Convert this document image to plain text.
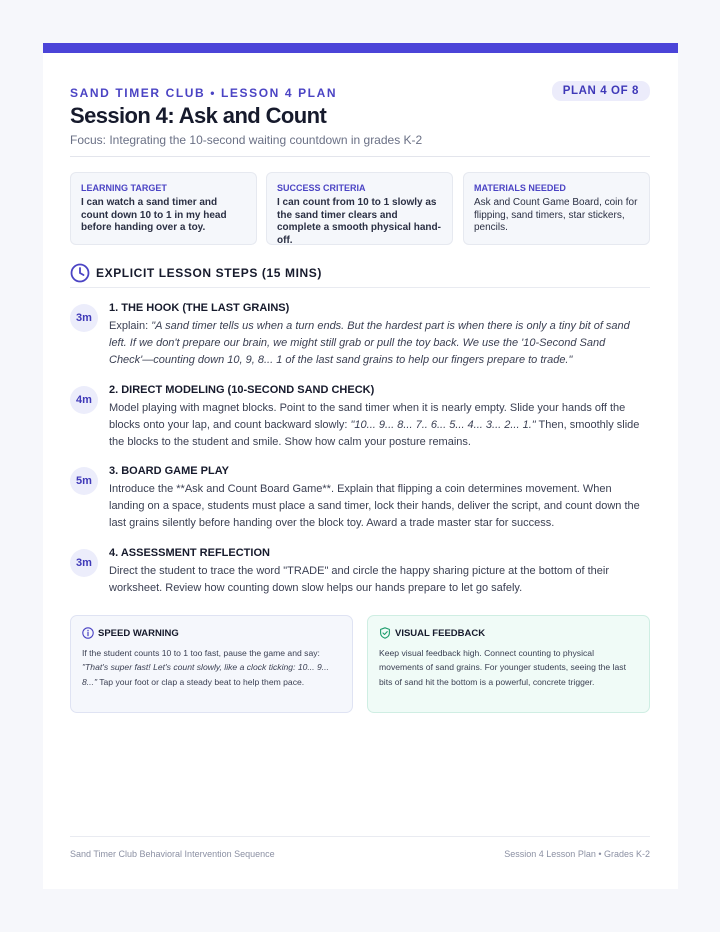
SAND TIMER CLUB • LESSON 4 PLAN	PLAN 4 OF 8
Session 4: Ask and Count
Focus: Integrating the 10-second waiting countdown in grades K-2
LEARNING TARGET
I can watch a sand timer and count down 10 to 1 in my head before handing over a toy.
SUCCESS CRITERIA
I can count from 10 to 1 slowly as the sand timer clears and complete a smooth physical hand-off.
MATERIALS NEEDED
Ask and Count Game Board, coin for flipping, sand timers, star stickers, pencils.
EXPLICIT LESSON STEPS (15 MINS)
3m
1. THE HOOK (THE LAST GRAINS)
Explain: "A sand timer tells us when a turn ends. But the hardest part is when there is only a tiny bit of sand left. If we don't prepare our brain, we might still grab or pull the toy back. We use the '10-Second Sand Check'—counting down 10, 9, 8... 1 of the last sand grains to help our fingers prepare to trade."
4m
2. DIRECT MODELING (10-SECOND SAND CHECK)
Model playing with magnet blocks. Point to the sand timer when it is nearly empty. Slide your hands off the blocks onto your lap, and count backward slowly: "10... 9... 8... 7.. 6... 5... 4... 3... 2... 1." Then, smoothly slide the blocks to the student and smile. Show how calm your posture remains.
5m
3. BOARD GAME PLAY
Introduce the **Ask and Count Board Game**. Explain that flipping a coin determines movement. When landing on a space, students must place a sand timer, lock their hands, deliver the script, and count down the last grains silently before handing over the block toy. Award a trade master star for success.
3m
4. ASSESSMENT REFLECTION
Direct the student to trace the word "TRADE" and circle the happy sharing picture at the bottom of their worksheet. Review how counting down slow helps our hands prepare to let go safely.
SPEED WARNING
If the student counts 10 to 1 too fast, pause the game and say: "That's super fast! Let's count slowly, like a clock ticking: 10... 9... 8..." Tap your foot or clap a steady beat to help them pace.
VISUAL FEEDBACK
Keep visual feedback high. Connect counting to physical movements of sand grains. For younger students, seeing the last bits of sand hit the bottom is a powerful, concrete trigger.
Sand Timer Club Behavioral Intervention Sequence	Session 4 Lesson Plan • Grades K-2
